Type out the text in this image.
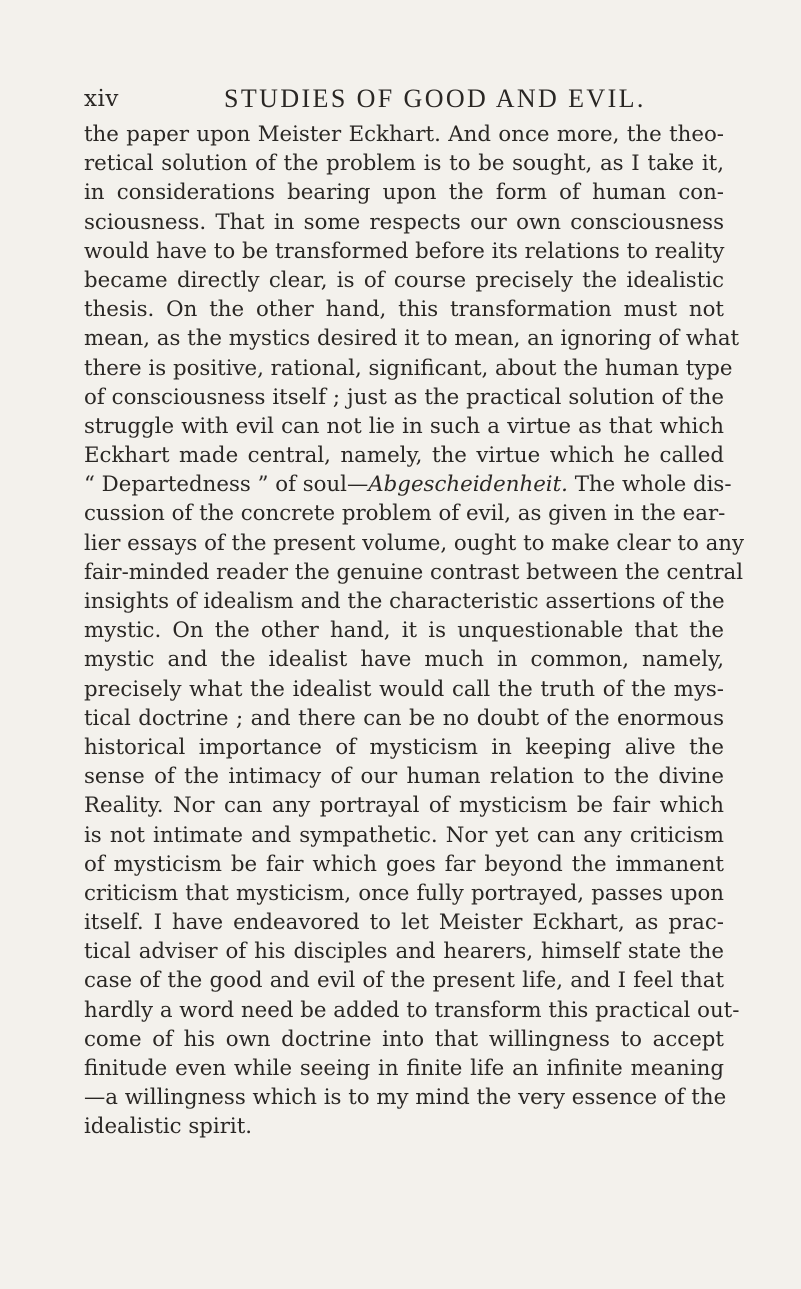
xiv	STUDIES OF GOOD AND EVIL.
the paper upon Meister Eckhart. And once more, the theo-
retical solution of the problem is to be sought, as I take it,
in considerations bearing upon the form of human con-
sciousness. That in some respects our own consciousness
would have to be transformed before its relations to reality
became directly clear, is of course precisely the idealistic
thesis. On the other hand, this transformation must not
mean, as the mystics desired it to mean, an ignoring of what
there is positive, rational, significant, about the human type
of consciousness itself ; just as the practical solution of the
struggle with evil can not lie in such a virtue as that which
Eckhart made central, namely, the virtue which he called
“ Departedness ” of soul—Abgescheidenheit. The whole dis-
cussion of the concrete problem of evil, as given in the ear-
lier essays of the present volume, ought to make clear to any
fair-minded reader the genuine contrast between the central
insights of idealism and the characteristic assertions of the
mystic. On the other hand, it is unquestionable that the
mystic and the idealist have much in common, namely,
precisely what the idealist would call the truth of the mys-
tical doctrine ; and there can be no doubt of the enormous
historical importance of mysticism in keeping alive the
sense of the intimacy of our human relation to the divine
Reality. Nor can any portrayal of mysticism be fair which
is not intimate and sympathetic. Nor yet can any criticism
of mysticism be fair which goes far beyond the immanent
criticism that mysticism, once fully portrayed, passes upon
itself. I have endeavored to let Meister Eckhart, as prac-
tical adviser of his disciples and hearers, himself state the
case of the good and evil of the present life, and I feel that
hardly a word need be added to transform this practical out-
come of his own doctrine into that willingness to accept
finitude even while seeing in finite life an infinite meaning
—a willingness which is to my mind the very essence of the
idealistic spirit.
